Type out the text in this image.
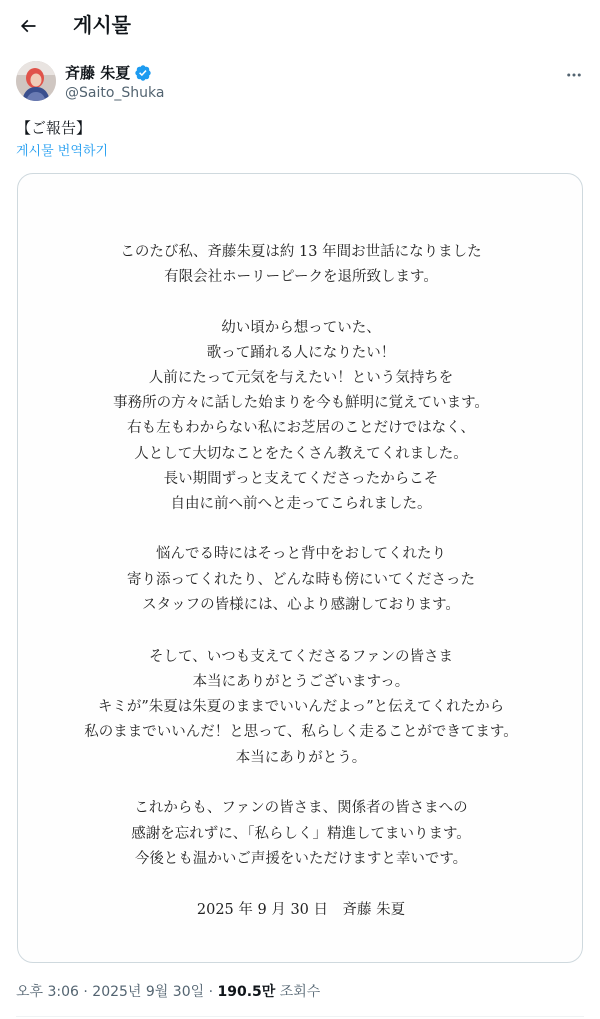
게시물
斉藤 朱夏
@Saito_Shuka
【ご報告】
게시물 번역하기
このたび私、斉藤朱夏は約 13 年間お世話になりました
有限会社ホーリーピークを退所致します。
幼い頃から想っていた、
歌って踊れる人になりたい！
人前にたって元気を与えたい！という気持ちを
事務所の方々に話した始まりを今も鮮明に覚えています。
右も左もわからない私にお芝居のことだけではなく、
人として大切なことをたくさん教えてくれました。
長い期間ずっと支えてくださったからこそ
自由に前へ前へと走ってこられました。
悩んでる時にはそっと背中をおしてくれたり
寄り添ってくれたり、どんな時も傍にいてくださった
スタッフの皆様には、心より感謝しております。
そして、いつも支えてくださるファンの皆さま
本当にありがとうございますっ。
キミが”朱夏は朱夏のままでいいんだよっ”と伝えてくれたから
私のままでいいんだ！と思って、私らしく走ることができてます。
本当にありがとう。
これからも、ファンの皆さま、関係者の皆さまへの
感謝を忘れずに、「私らしく」精進してまいります。
今後とも温かいご声援をいただけますと幸いです。
2025 年 9 月 30 日　斉藤 朱夏
오후 3:06 · 2025년 9월 30일 · 190.5만 조회수
